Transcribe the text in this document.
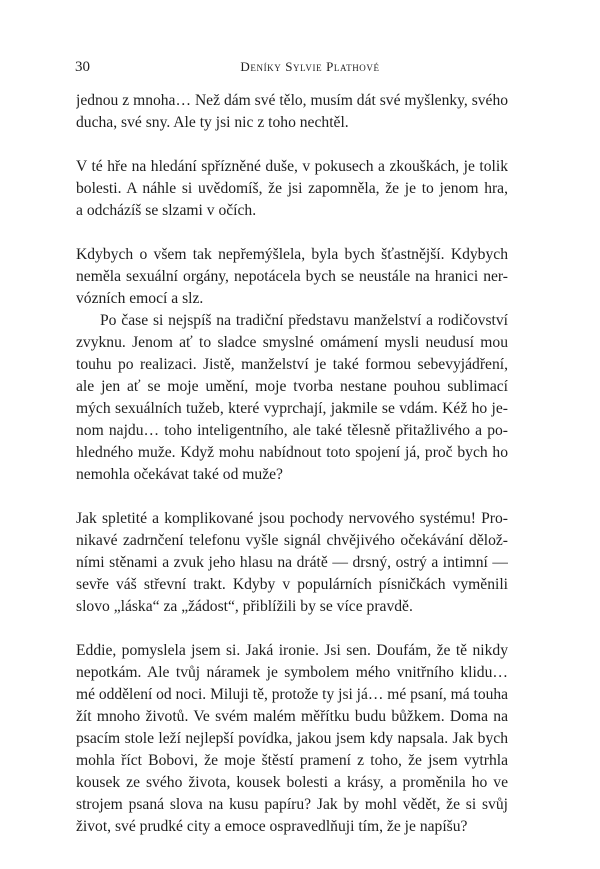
30	Deníky Sylvie Plathové
jednou z mnoha… Než dám své tělo, musím dát své myšlenky, svého
ducha, své sny. Ale ty jsi nic z toho nechtěl.
V té hře na hledání spřízněné duše, v pokusech a zkouškách, je tolik
bolesti. A náhle si uvědomíš, že jsi zapomněla, že je to jenom hra,
a odcházíš se slzami v očích.
Kdybych o všem tak nepřemýšlela, byla bych šťastnější. Kdybych
neměla sexuální orgány, nepotácela bych se neustále na hranici ner-
vózních emocí a slz.
Po čase si nejspíš na tradiční představu manželství a rodičovství
zvyknu. Jenom ať to sladce smyslné omámení mysli neudusí mou
touhu po realizaci. Jistě, manželství je také formou sebevyjádření,
ale jen ať se moje umění, moje tvorba nestane pouhou sublimací
mých sexuálních tužeb, které vyprchají, jakmile se vdám. Kéž ho je-
nom najdu… toho inteligentního, ale také tělesně přitažlivého a po-
hledného muže. Když mohu nabídnout toto spojení já, proč bych ho
nemohla očekávat také od muže?
Jak spletité a komplikované jsou pochody nervového systému! Pro-
nikavé zadrnčení telefonu vyšle signál chvějivého očekávání dělož-
ními stěnami a zvuk jeho hlasu na drátě — drsný, ostrý a intimní —
sevře váš střevní trakt. Kdyby v populárních písničkách vyměnili
slovo „láska“ za „žádost“, přiblížili by se více pravdě.
Eddie, pomyslela jsem si. Jaká ironie. Jsi sen. Doufám, že tě nikdy
nepotkám. Ale tvůj náramek je symbolem mého vnitřního klidu…
mé oddělení od noci. Miluji tě, protože ty jsi já… mé psaní, má touha
žít mnoho životů. Ve svém malém měřítku budu bůžkem. Doma na
psacím stole leží nejlepší povídka, jakou jsem kdy napsala. Jak bych
mohla říct Bobovi, že moje štěstí pramení z toho, že jsem vytrhla
kousek ze svého života, kousek bolesti a krásy, a proměnila ho ve
strojem psaná slova na kusu papíru? Jak by mohl vědět, že si svůj
život, své prudké city a emoce ospravedlňuji tím, že je napíšu?
